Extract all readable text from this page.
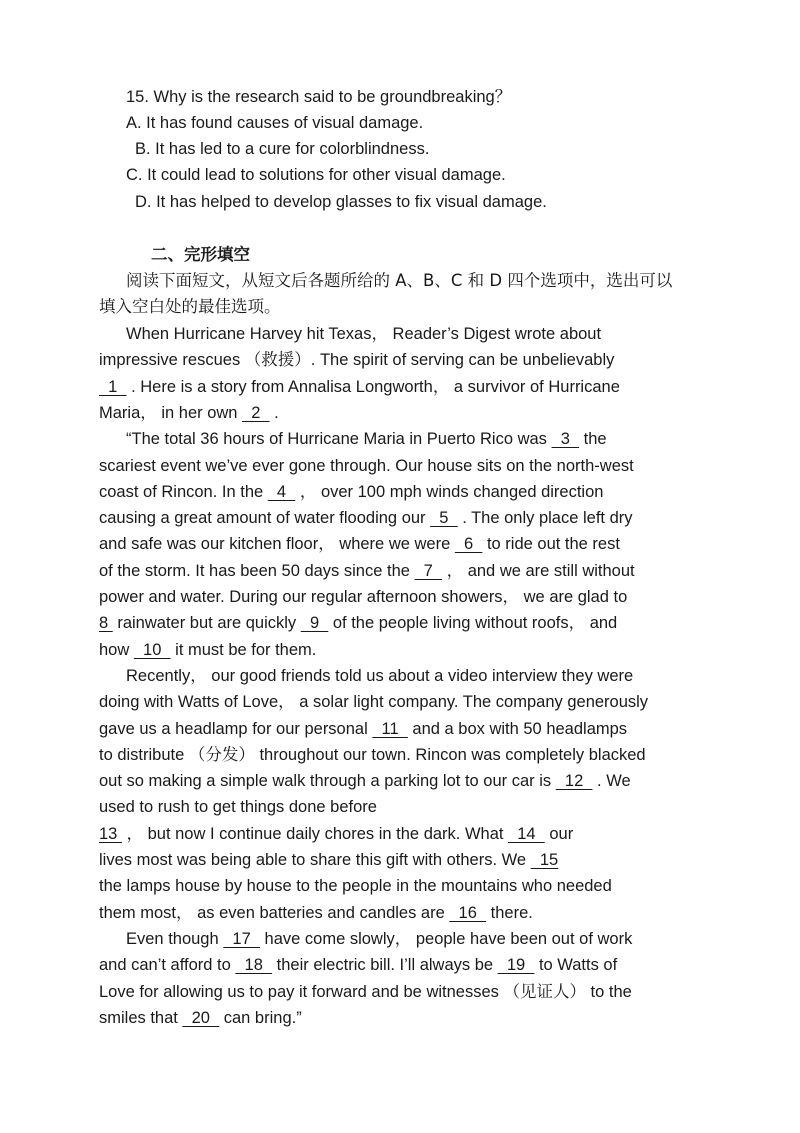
15. Why is the research said to be groundbreaking？
A. It has found causes of visual damage.
B. It has led to a cure for colorblindness.
C. It could lead to solutions for other visual damage.
D. It has helped to develop glasses to fix visual damage.
二、完形填空
阅读下面短文，从短文后各题所给的 A、B、C 和 D 四个选项中，选出可以
填入空白处的最佳选项。
When Hurricane Harvey hit Texas， Reader’s Digest wrote about
impressive rescues （救援）. The spirit of serving can be unbelievably
1   . Here is a story from Annalisa Longworth， a survivor of Hurricane
Maria， in her own   2   .
“The total 36 hours of Hurricane Maria in Puerto Rico was   3   the
scariest event we’ve ever gone through. Our house sits on the north-west
coast of Rincon. In the   4   ， over 100 mph winds changed direction
causing a great amount of water flooding our   5   . The only place left dry
and safe was our kitchen floor， where we were   6   to ride out the rest
of the storm. It has been 50 days since the   7   ， and we are still without
power and water. During our regular afternoon showers， we are glad to
8  rainwater but are quickly   9   of the people living without roofs， and
how   10   it must be for them.
Recently， our good friends told us about a video interview they were
doing with Watts of Love， a solar light company. The company generously
gave us a headlamp for our personal   11   and a box with 50 headlamps
to distribute （分发） throughout our town. Rincon was completely blacked
out so making a simple walk through a parking lot to our car is   12   . We
used to rush to get things done before
13  ， but now I continue daily chores in the dark. What   14   our
lives most was being able to share this gift with others. We   15
the lamps house by house to the people in the mountains who needed
them most， as even batteries and candles are   16   there.
Even though   17   have come slowly， people have been out of work
and can’t afford to   18   their electric bill. I’ll always be   19   to Watts of
Love for allowing us to pay it forward and be witnesses （见证人） to the
smiles that   20   can bring.”
